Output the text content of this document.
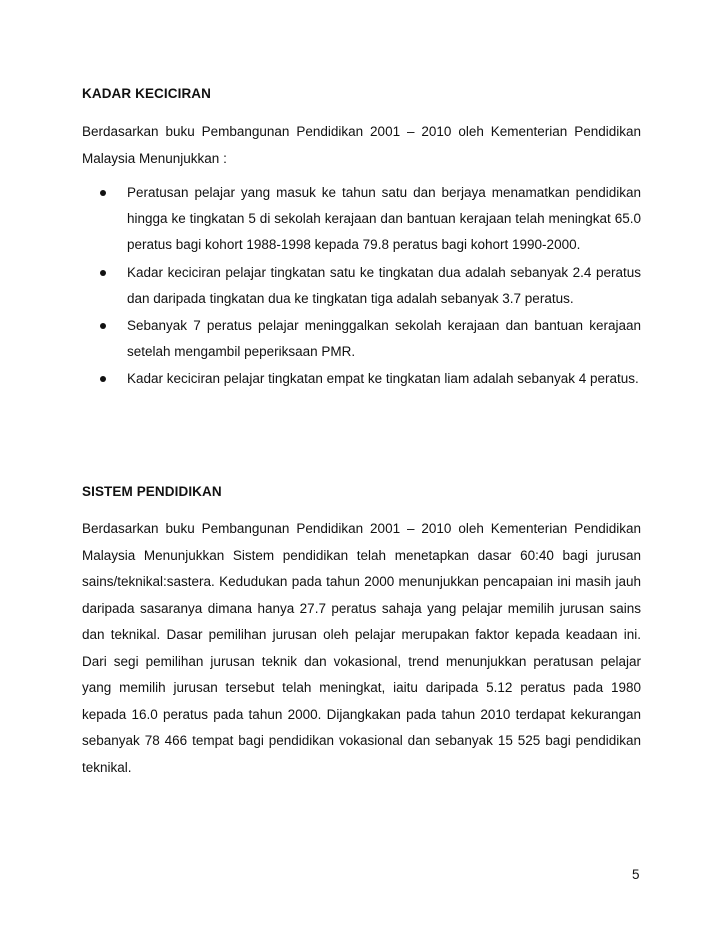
KADAR KECICIRAN
Berdasarkan buku Pembangunan Pendidikan 2001 – 2010 oleh Kementerian Pendidikan Malaysia Menunjukkan :
Peratusan pelajar yang masuk ke tahun satu dan berjaya menamatkan pendidikan hingga ke tingkatan 5 di sekolah kerajaan dan bantuan kerajaan telah meningkat 65.0 peratus bagi kohort 1988-1998 kepada 79.8 peratus bagi kohort 1990-2000.
Kadar keciciran pelajar tingkatan satu ke tingkatan dua adalah sebanyak 2.4 peratus dan daripada tingkatan dua ke tingkatan tiga adalah sebanyak 3.7 peratus.
Sebanyak 7 peratus pelajar meninggalkan sekolah kerajaan dan bantuan kerajaan setelah mengambil peperiksaan PMR.
Kadar keciciran pelajar tingkatan empat ke tingkatan liam adalah sebanyak 4 peratus.
SISTEM PENDIDIKAN
Berdasarkan buku Pembangunan Pendidikan 2001 – 2010 oleh Kementerian Pendidikan Malaysia Menunjukkan Sistem pendidikan telah menetapkan dasar 60:40 bagi jurusan sains/teknikal:sastera. Kedudukan pada tahun 2000 menunjukkan pencapaian ini masih jauh daripada sasaranya dimana hanya 27.7 peratus sahaja yang pelajar memilih jurusan sains dan teknikal. Dasar pemilihan jurusan oleh pelajar merupakan faktor kepada keadaan ini. Dari segi pemilihan jurusan teknik dan vokasional, trend menunjukkan peratusan pelajar yang memilih jurusan tersebut telah meningkat, iaitu daripada 5.12 peratus pada 1980 kepada 16.0 peratus pada tahun 2000. Dijangkakan pada tahun 2010 terdapat kekurangan sebanyak 78 466 tempat bagi pendidikan vokasional dan sebanyak 15 525 bagi pendidikan teknikal.
5
